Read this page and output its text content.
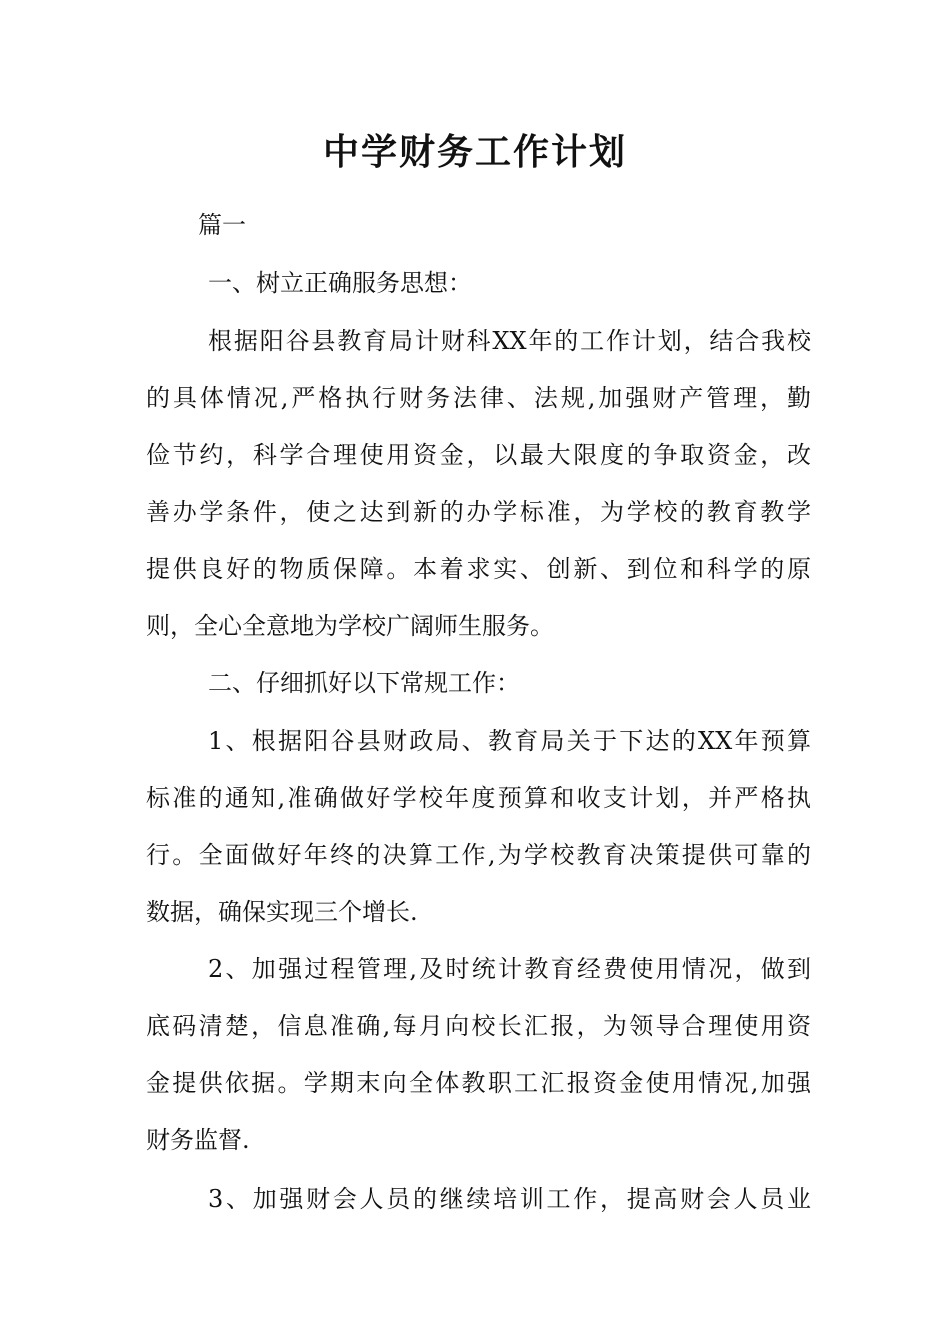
中学财务工作计划

篇一

一、树立正确服务思想：

根据阳谷县教育局计财科XX年的工作计划，结合我校

的具体情况,严格执行财务法律、法规,加强财产管理，勤

俭节约，科学合理使用资金，以最大限度的争取资金，改

善办学条件，使之达到新的办学标准，为学校的教育教学

提供良好的物质保障。本着求实、创新、到位和科学的原

则，全心全意地为学校广阔师生服务。

二、仔细抓好以下常规工作：

1、根据阳谷县财政局、教育局关于下达的XX年预算

标准的通知,准确做好学校年度预算和收支计划，并严格执

行。全面做好年终的决算工作,为学校教育决策提供可靠的

数据，确保实现三个增长.

2、加强过程管理,及时统计教育经费使用情况，做到

底码清楚，信息准确,每月向校长汇报，为领导合理使用资

金提供依据。学期末向全体教职工汇报资金使用情况,加强

财务监督.

3、加强财会人员的继续培训工作，提高财会人员业
